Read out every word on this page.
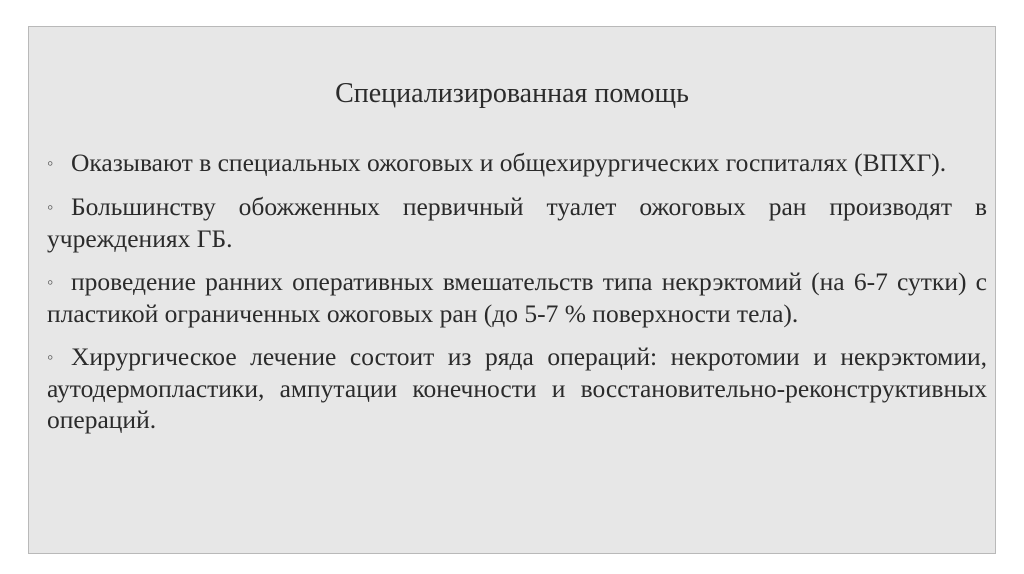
Специализированная помощь
◦ Оказывают в специальных ожоговых и общехирургических госпиталях (ВПХГ).
◦ Большинству обожженных первичный туалет ожоговых ран производят в учреждениях ГБ.
◦ проведение ранних оперативных вмешательств типа некрэктомий (на 6-7 сутки) с пластикой ограниченных ожоговых ран (до 5-7 % поверхности тела).
◦ Хирургическое лечение состоит из ряда операций: некротомии и некрэктомии, аутодермопластики, ампутации конечности и восстановительно-реконструктивных операций.
